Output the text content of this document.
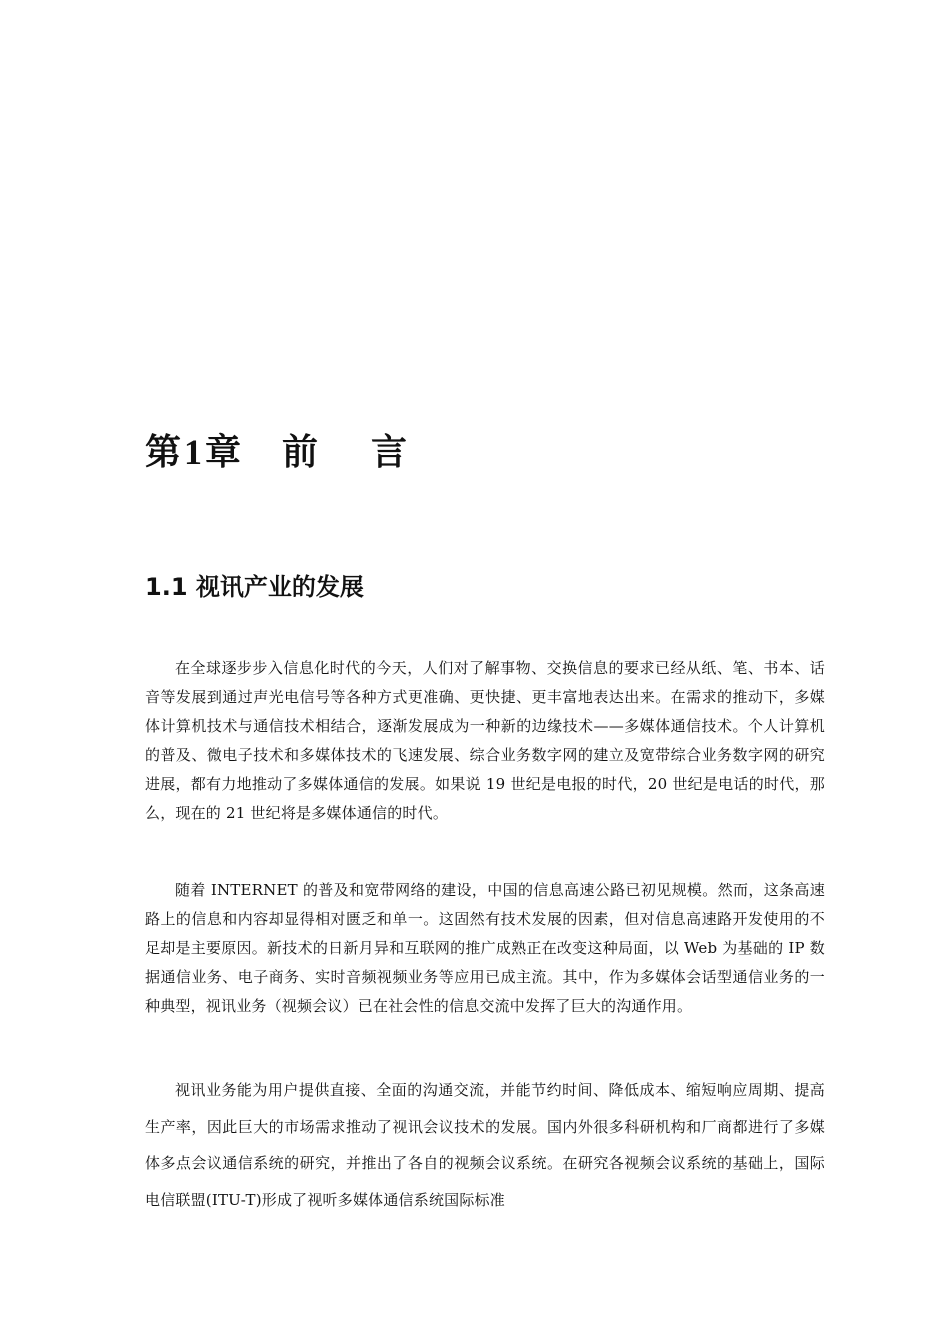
第1章 前 言
1.1 视讯产业的发展

在全球逐步步入信息化时代的今天，人们对了解事物、交换信息的要求已经从纸、笔、书本、话音等发展到通过声光电信号等各种方式更准确、更快捷、更丰富地表达出来。在需求的推动下，多媒体计算机技术与通信技术相结合，逐渐发展成为一种新的边缘技术——多媒体通信技术。个人计算机的普及、微电子技术和多媒体技术的飞速发展、综合业务数字网的建立及宽带综合业务数字网的研究进展，都有力地推动了多媒体通信的发展。如果说 19 世纪是电报的时代，20 世纪是电话的时代，那么，现在的 21 世纪将是多媒体通信的时代。

随着 INTERNET 的普及和宽带网络的建设，中国的信息高速公路已初见规模。然而，这条高速路上的信息和内容却显得相对匮乏和单一。这固然有技术发展的因素，但对信息高速路开发使用的不足却是主要原因。新技术的日新月异和互联网的推广成熟正在改变这种局面，以 Web 为基础的 IP 数据通信业务、电子商务、实时音频视频业务等应用已成主流。其中，作为多媒体会话型通信业务的一种典型，视讯业务（视频会议）已在社会性的信息交流中发挥了巨大的沟通作用。

视讯业务能为用户提供直接、全面的沟通交流，并能节约时间、降低成本、缩短响应周期、提高生产率，因此巨大的市场需求推动了视讯会议技术的发展。国内外很多科研机构和厂商都进行了多媒体多点会议通信系统的研究，并推出了各自的视频会议系统。在研究各视频会议系统的基础上，国际电信联盟(ITU-T)形成了视听多媒体通信系统国际标准
